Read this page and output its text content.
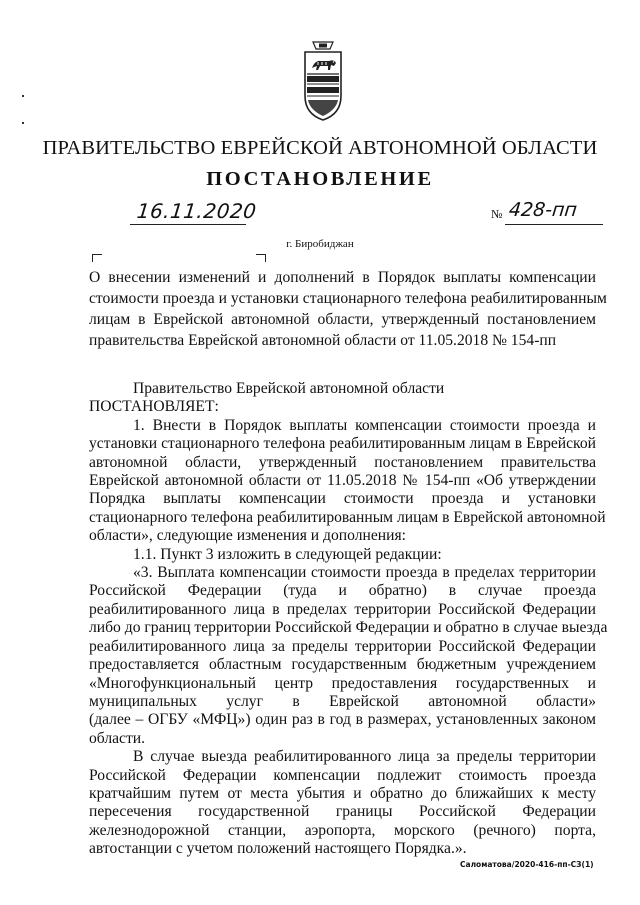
ПРАВИТЕЛЬСТВО ЕВРЕЙСКОЙ АВТОНОМНОЙ ОБЛАСТИ
ПОСТАНОВЛЕНИЕ
16.11.2020	№ 428-пп
г. Биробиджан
О внесении изменений и дополнений в Порядок выплаты компенсации
стоимости проезда и установки стационарного телефона реабилитированным
лицам в Еврейской автономной области, утвержденный постановлением
правительства Еврейской автономной области от 11.05.2018 № 154-пп
Правительство Еврейской автономной области
ПОСТАНОВЛЯЕТ:
1. Внести в Порядок выплаты компенсации стоимости проезда и
установки стационарного телефона реабилитированным лицам в Еврейской
автономной области, утвержденный постановлением правительства
Еврейской автономной области от 11.05.2018 № 154-пп «Об утверждении
Порядка выплаты компенсации стоимости проезда и установки
стационарного телефона реабилитированным лицам в Еврейской автономной
области», следующие изменения и дополнения:
1.1. Пункт 3 изложить в следующей редакции:
«3. Выплата компенсации стоимости проезда в пределах территории
Российской Федерации (туда и обратно) в случае проезда
реабилитированного лица в пределах территории Российской Федерации
либо до границ территории Российской Федерации и обратно в случае выезда
реабилитированного лица за пределы территории Российской Федерации
предоставляется областным государственным бюджетным учреждением
«Многофункциональный центр предоставления государственных и
муниципальных услуг в Еврейской автономной области»
(далее – ОГБУ «МФЦ») один раз в год в размерах, установленных законом
области.
В случае выезда реабилитированного лица за пределы территории
Российской Федерации компенсации подлежит стоимость проезда
кратчайшим путем от места убытия и обратно до ближайших к месту
пересечения государственной границы Российской Федерации
железнодорожной станции, аэропорта, морского (речного) порта,
автостанции с учетом положений настоящего Порядка.».
Саломатова/2020-416-пп-СЗ(1)
